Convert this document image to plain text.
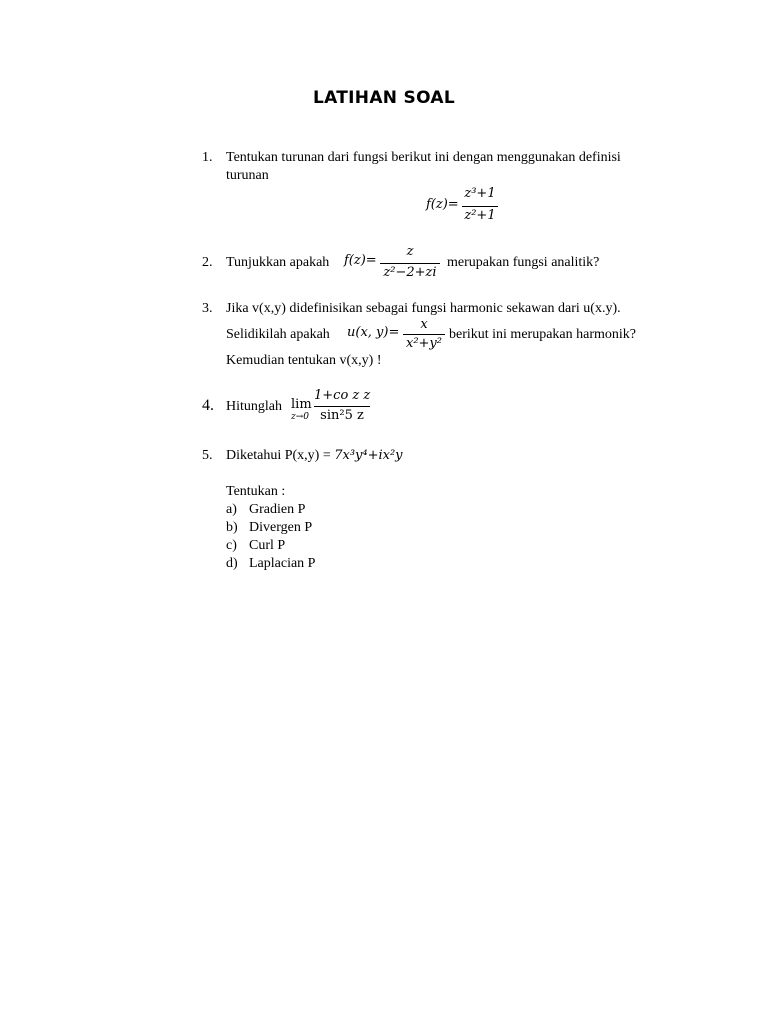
LATIHAN SOAL
1. Tentukan turunan dari fungsi berikut ini dengan menggunakan definisi
turunan
f(z)=
z³+1
z²+1
2. Tunjukkan apakah f(z)=
z
z²−2+zi
merupakan fungsi analitik?
3. Jika v(x,y) didefinisikan sebagai fungsi harmonic sekawan dari u(x.y).
Selidikilah apakah u(x, y)=
x
x²+y²
berikut ini merupakan harmonik?
Kemudian tentukan v(x,y) !
4. Hitunglah lim
z→0
1+co z z
sin²5 z
5. Diketahui P(x,y) = 7x³y⁴+ix²y
Tentukan :
a) Gradien P
b) Divergen P
c) Curl P
d) Laplacian P
